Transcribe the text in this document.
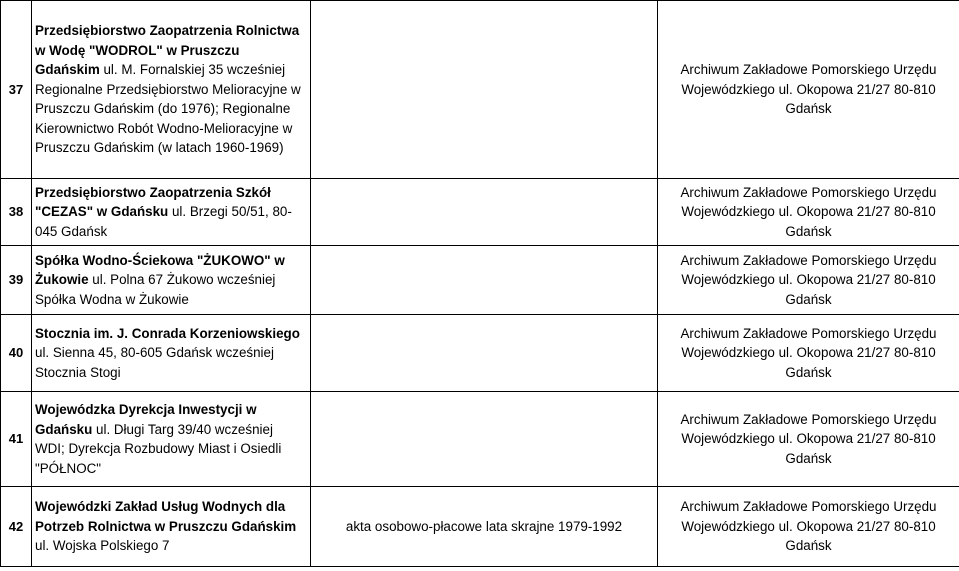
37	Przedsiębiorstwo Zaopatrzenia Rolnictwa w Wodę "WODROL" w Pruszczu Gdańskim ul. M. Fornalskiej 35 wcześniej Regionalne Przedsiębiorstwo Melioracyjne w Pruszczu Gdańskim (do 1976); Regionalne Kierownictwo Robót Wodno-Melioracyjne w Pruszczu Gdańskim (w latach 1960-1969)		Archiwum Zakładowe Pomorskiego Urzędu Wojewódzkiego ul. Okopowa 21/27 80-810 Gdańsk
38	Przedsiębiorstwo Zaopatrzenia Szkół "CEZAS" w Gdańsku ul. Brzegi 50/51, 80-045 Gdańsk		Archiwum Zakładowe Pomorskiego Urzędu Wojewódzkiego ul. Okopowa 21/27 80-810 Gdańsk
39	Spółka Wodno-Ściekowa "ŻUKOWO" w Żukowie ul. Polna 67 Żukowo wcześniej Spółka Wodna w Żukowie		Archiwum Zakładowe Pomorskiego Urzędu Wojewódzkiego ul. Okopowa 21/27 80-810 Gdańsk
40	Stocznia im. J. Conrada Korzeniowskiego ul. Sienna 45, 80-605 Gdańsk wcześniej Stocznia Stogi		Archiwum Zakładowe Pomorskiego Urzędu Wojewódzkiego ul. Okopowa 21/27 80-810 Gdańsk
41	Wojewódzka Dyrekcja Inwestycji w Gdańsku ul. Długi Targ 39/40 wcześniej WDI; Dyrekcja Rozbudowy Miast i Osiedli "PÓŁNOC"		Archiwum Zakładowe Pomorskiego Urzędu Wojewódzkiego ul. Okopowa 21/27 80-810 Gdańsk
42	Wojewódzki Zakład Usług Wodnych dla Potrzeb Rolnictwa w Pruszczu Gdańskim ul. Wojska Polskiego 7	akta osobowo-płacowe lata skrajne 1979-1992	Archiwum Zakładowe Pomorskiego Urzędu Wojewódzkiego ul. Okopowa 21/27 80-810 Gdańsk
